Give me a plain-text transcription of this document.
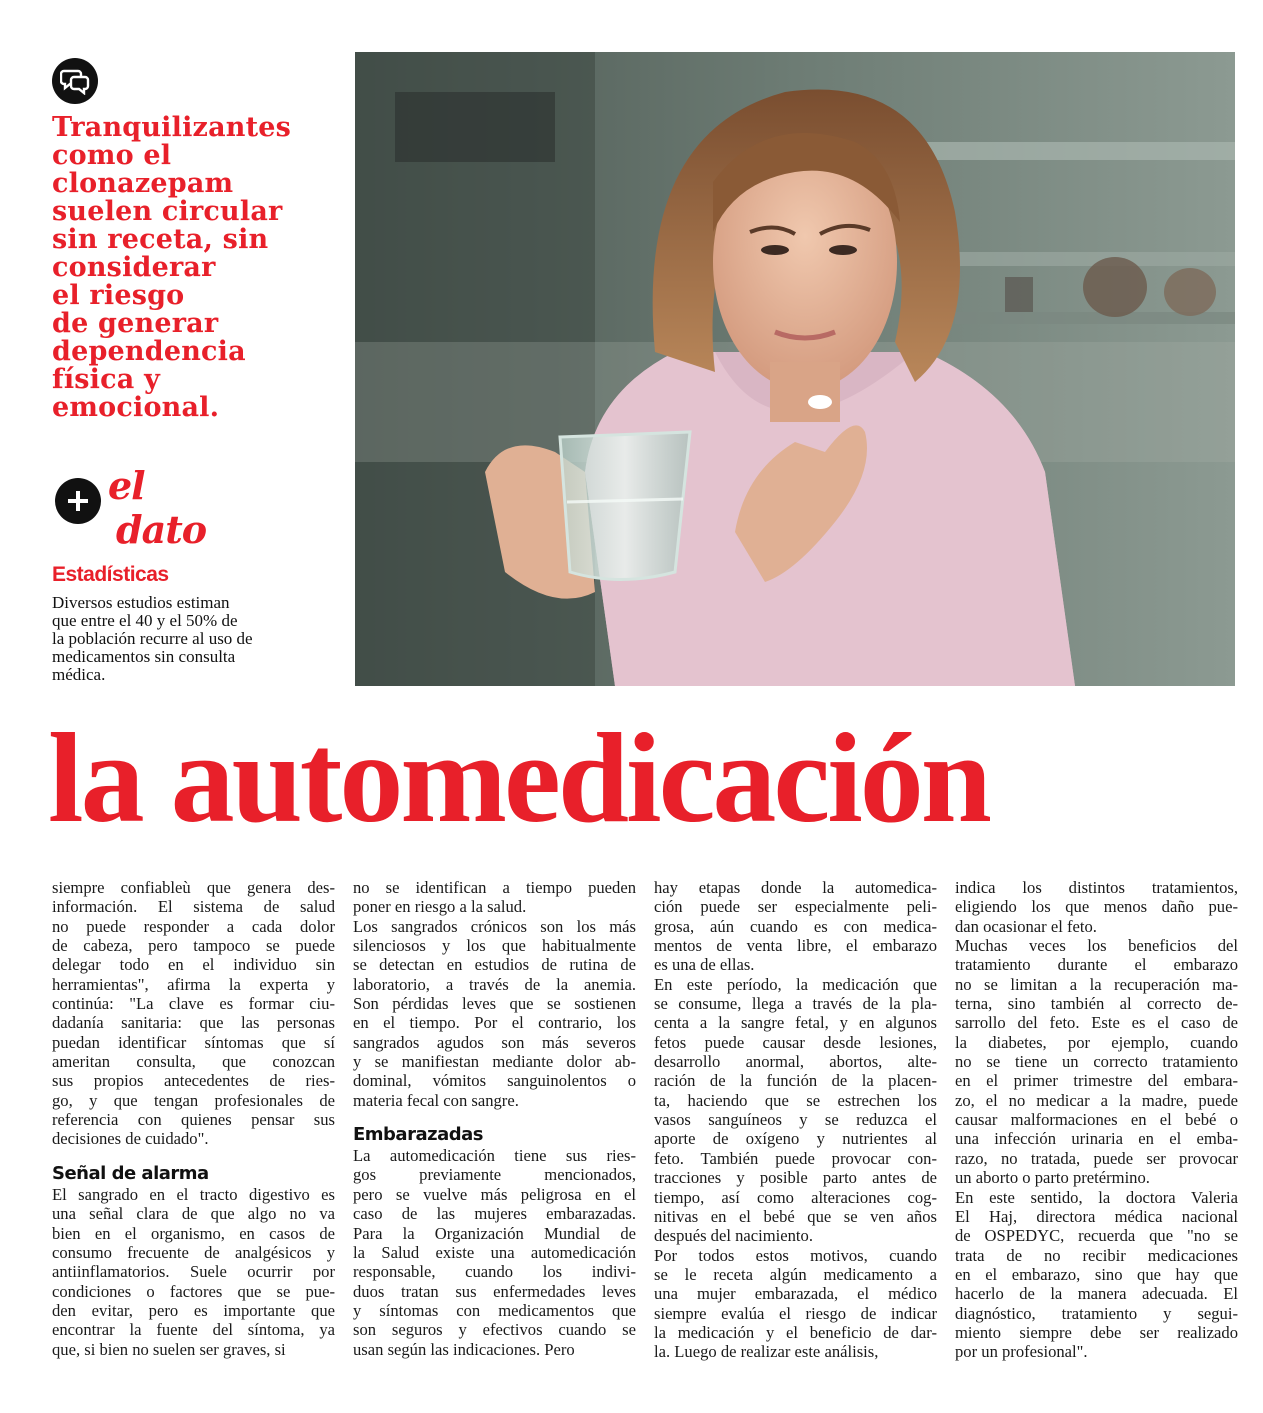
Tranquilizantes
como el
clonazepam
suelen circular
sin receta, sin
considerar
el riesgo
de generar
dependencia
física y
emocional.
el
dato
Estadísticas
Diversos estudios estiman
que entre el 40 y el 50% de
la población recurre al uso de
medicamentos sin consulta
médica.
la automedicación
siempre confiableù que genera des-
información. El sistema de salud
no puede responder a cada dolor
de cabeza, pero tampoco se puede
delegar todo en el individuo sin
herramientas", afirma la experta y
continúa: "La clave es formar ciu-
dadanía sanitaria: que las personas
puedan identificar síntomas que sí
ameritan consulta, que conozcan
sus propios antecedentes de ries-
go, y que tengan profesionales de
referencia con quienes pensar sus
decisiones de cuidado".
Señal de alarma
El sangrado en el tracto digestivo es
una señal clara de que algo no va
bien en el organismo, en casos de
consumo frecuente de analgésicos y
antiinflamatorios. Suele ocurrir por
condiciones o factores que se pue-
den evitar, pero es importante que
encontrar la fuente del síntoma, ya
que, si bien no suelen ser graves, si
no se identifican a tiempo pueden
poner en riesgo a la salud.
Los sangrados crónicos son los más
silenciosos y los que habitualmente
se detectan en estudios de rutina de
laboratorio, a través de la anemia.
Son pérdidas leves que se sostienen
en el tiempo. Por el contrario, los
sangrados agudos son más severos
y se manifiestan mediante dolor ab-
dominal, vómitos sanguinolentos o
materia fecal con sangre.
Embarazadas
La automedicación tiene sus ries-
gos previamente mencionados,
pero se vuelve más peligrosa en el
caso de las mujeres embarazadas.
Para la Organización Mundial de
la Salud existe una automedicación
responsable, cuando los indivi-
duos tratan sus enfermedades leves
y síntomas con medicamentos que
son seguros y efectivos cuando se
usan según las indicaciones. Pero
hay etapas donde la automedica-
ción puede ser especialmente peli-
grosa, aún cuando es con medica-
mentos de venta libre, el embarazo
es una de ellas.
En este período, la medicación que
se consume, llega a través de la pla-
centa a la sangre fetal, y en algunos
fetos puede causar desde lesiones,
desarrollo anormal, abortos, alte-
ración de la función de la placen-
ta, haciendo que se estrechen los
vasos sanguíneos y se reduzca el
aporte de oxígeno y nutrientes al
feto. También puede provocar con-
tracciones y posible parto antes de
tiempo, así como alteraciones cog-
nitivas en el bebé que se ven años
después del nacimiento.
Por todos estos motivos, cuando
se le receta algún medicamento a
una mujer embarazada, el médico
siempre evalúa el riesgo de indicar
la medicación y el beneficio de dar-
la. Luego de realizar este análisis,
indica los distintos tratamientos,
eligiendo los que menos daño pue-
dan ocasionar el feto.
Muchas veces los beneficios del
tratamiento durante el embarazo
no se limitan a la recuperación ma-
terna, sino también al correcto de-
sarrollo del feto. Este es el caso de
la diabetes, por ejemplo, cuando
no se tiene un correcto tratamiento
en el primer trimestre del embara-
zo, el no medicar a la madre, puede
causar malformaciones en el bebé o
una infección urinaria en el emba-
razo, no tratada, puede ser provocar
un aborto o parto pretérmino.
En este sentido, la doctora Valeria
El Haj, directora médica nacional
de OSPEDYC, recuerda que "no se
trata de no recibir medicaciones
en el embarazo, sino que hay que
hacerlo de la manera adecuada. El
diagnóstico, tratamiento y segui-
miento siempre debe ser realizado
por un profesional".
